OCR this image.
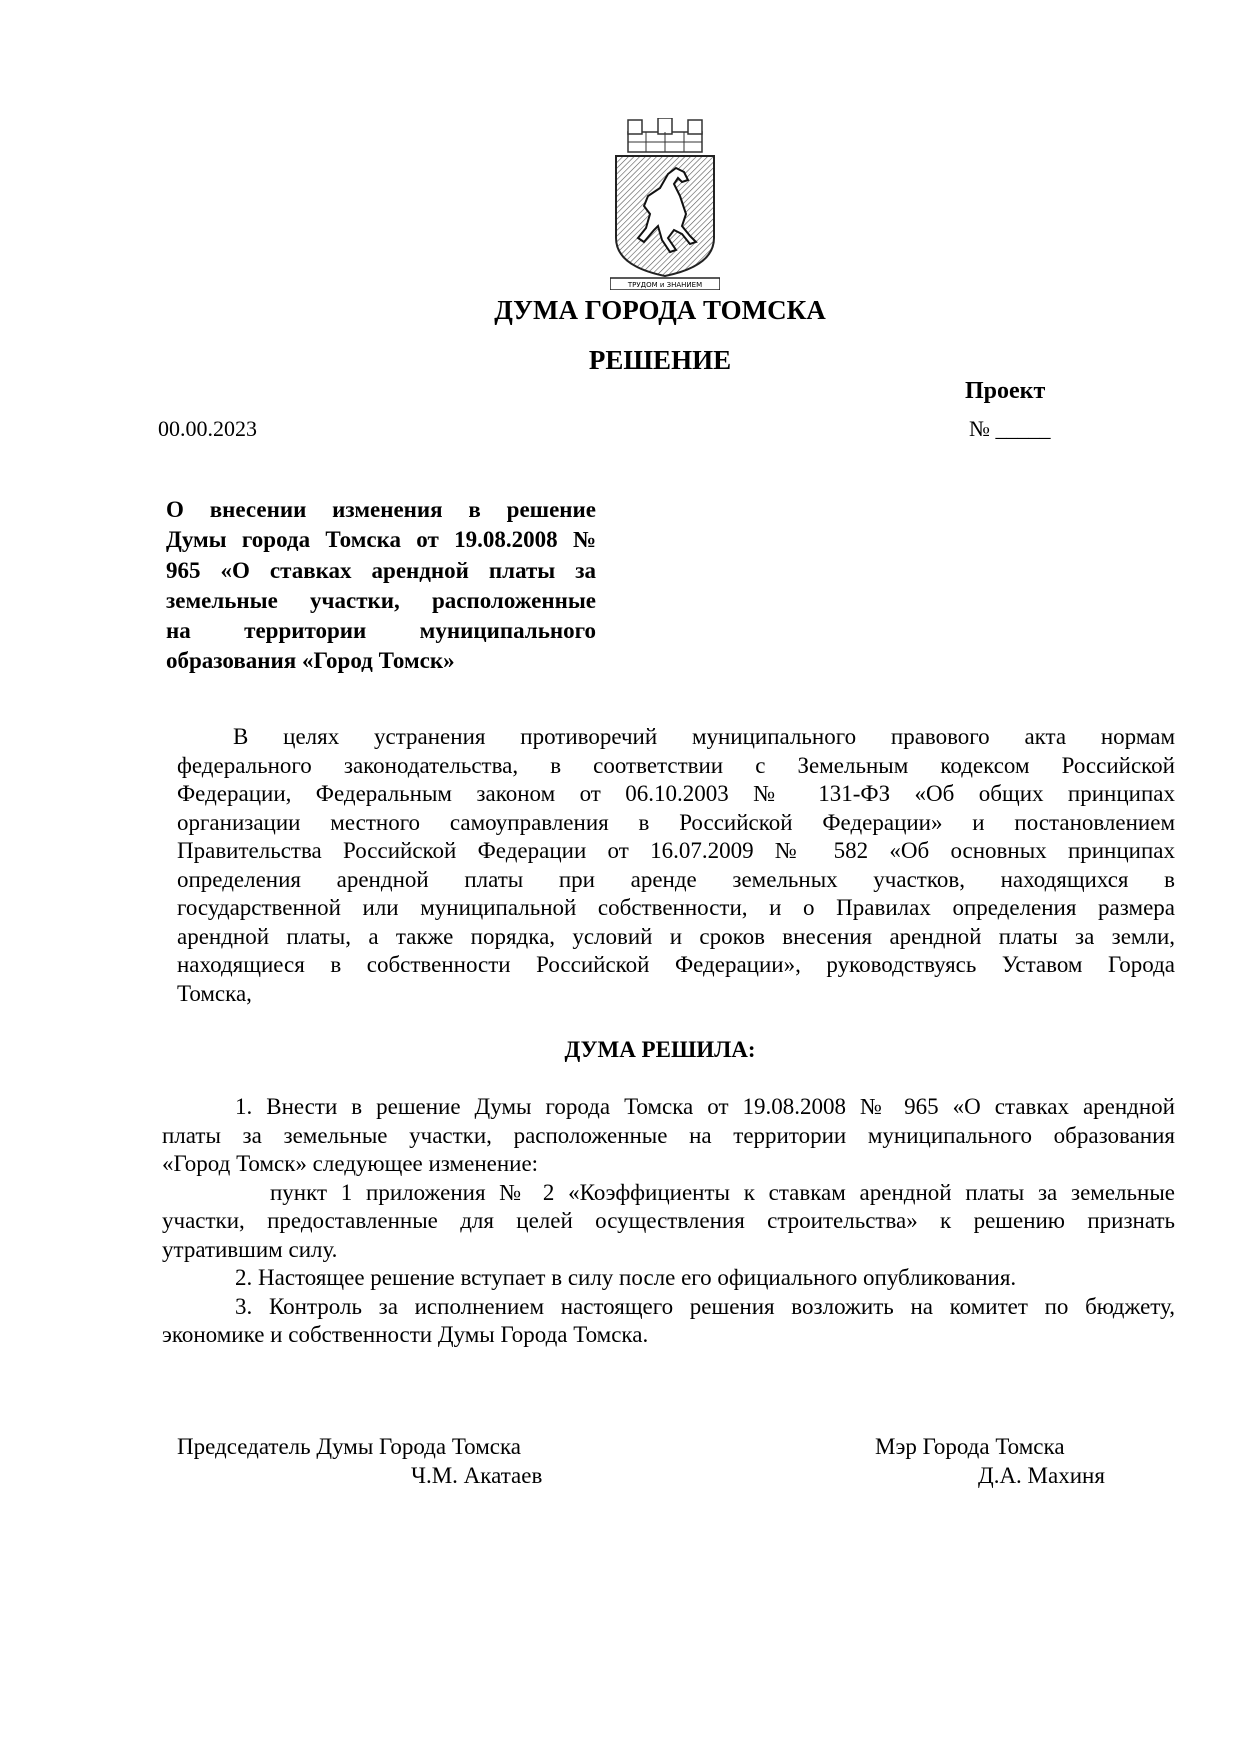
ТРУДОМ и ЗНАНИЕМ
ДУМА ГОРОДА ТОМСКА
РЕШЕНИЕ
Проект
00.00.2023	№ _____
О внесении изменения в решение
Думы города Томска от 19.08.2008 №
965 «О ставках арендной платы за
земельные участки, расположенные
на территории муниципального
образования «Город Томск»
В целях устранения противоречий муниципального правового акта нормам
федерального законодательства, в соответствии с Земельным кодексом Российской
Федерации, Федеральным законом от 06.10.2003 № 131-ФЗ «Об общих принципах
организации местного самоуправления в Российской Федерации» и постановлением
Правительства Российской Федерации от 16.07.2009 № 582 «Об основных принципах
определения арендной платы при аренде земельных участков, находящихся в
государственной или муниципальной собственности, и о Правилах определения размера
арендной платы, а также порядка, условий и сроков внесения арендной платы за земли,
находящиеся в собственности Российской Федерации», руководствуясь Уставом Города
Томска,
ДУМА РЕШИЛА:
1. Внести в решение Думы города Томска от 19.08.2008 № 965 «О ставках арендной
платы за земельные участки, расположенные на территории муниципального образования
«Город Томск» следующее изменение:
пункт 1 приложения № 2 «Коэффициенты к ставкам арендной платы за земельные
участки, предоставленные для целей осуществления строительства» к решению признать
утратившим силу.
2. Настоящее решение вступает в силу после его официального опубликования.
3. Контроль за исполнением настоящего решения возложить на комитет по бюджету,
экономике и собственности Думы Города Томска.
Председатель Думы Города Томска
Ч.М. Акатаев
Мэр Города Томска
Д.А. Махиня
